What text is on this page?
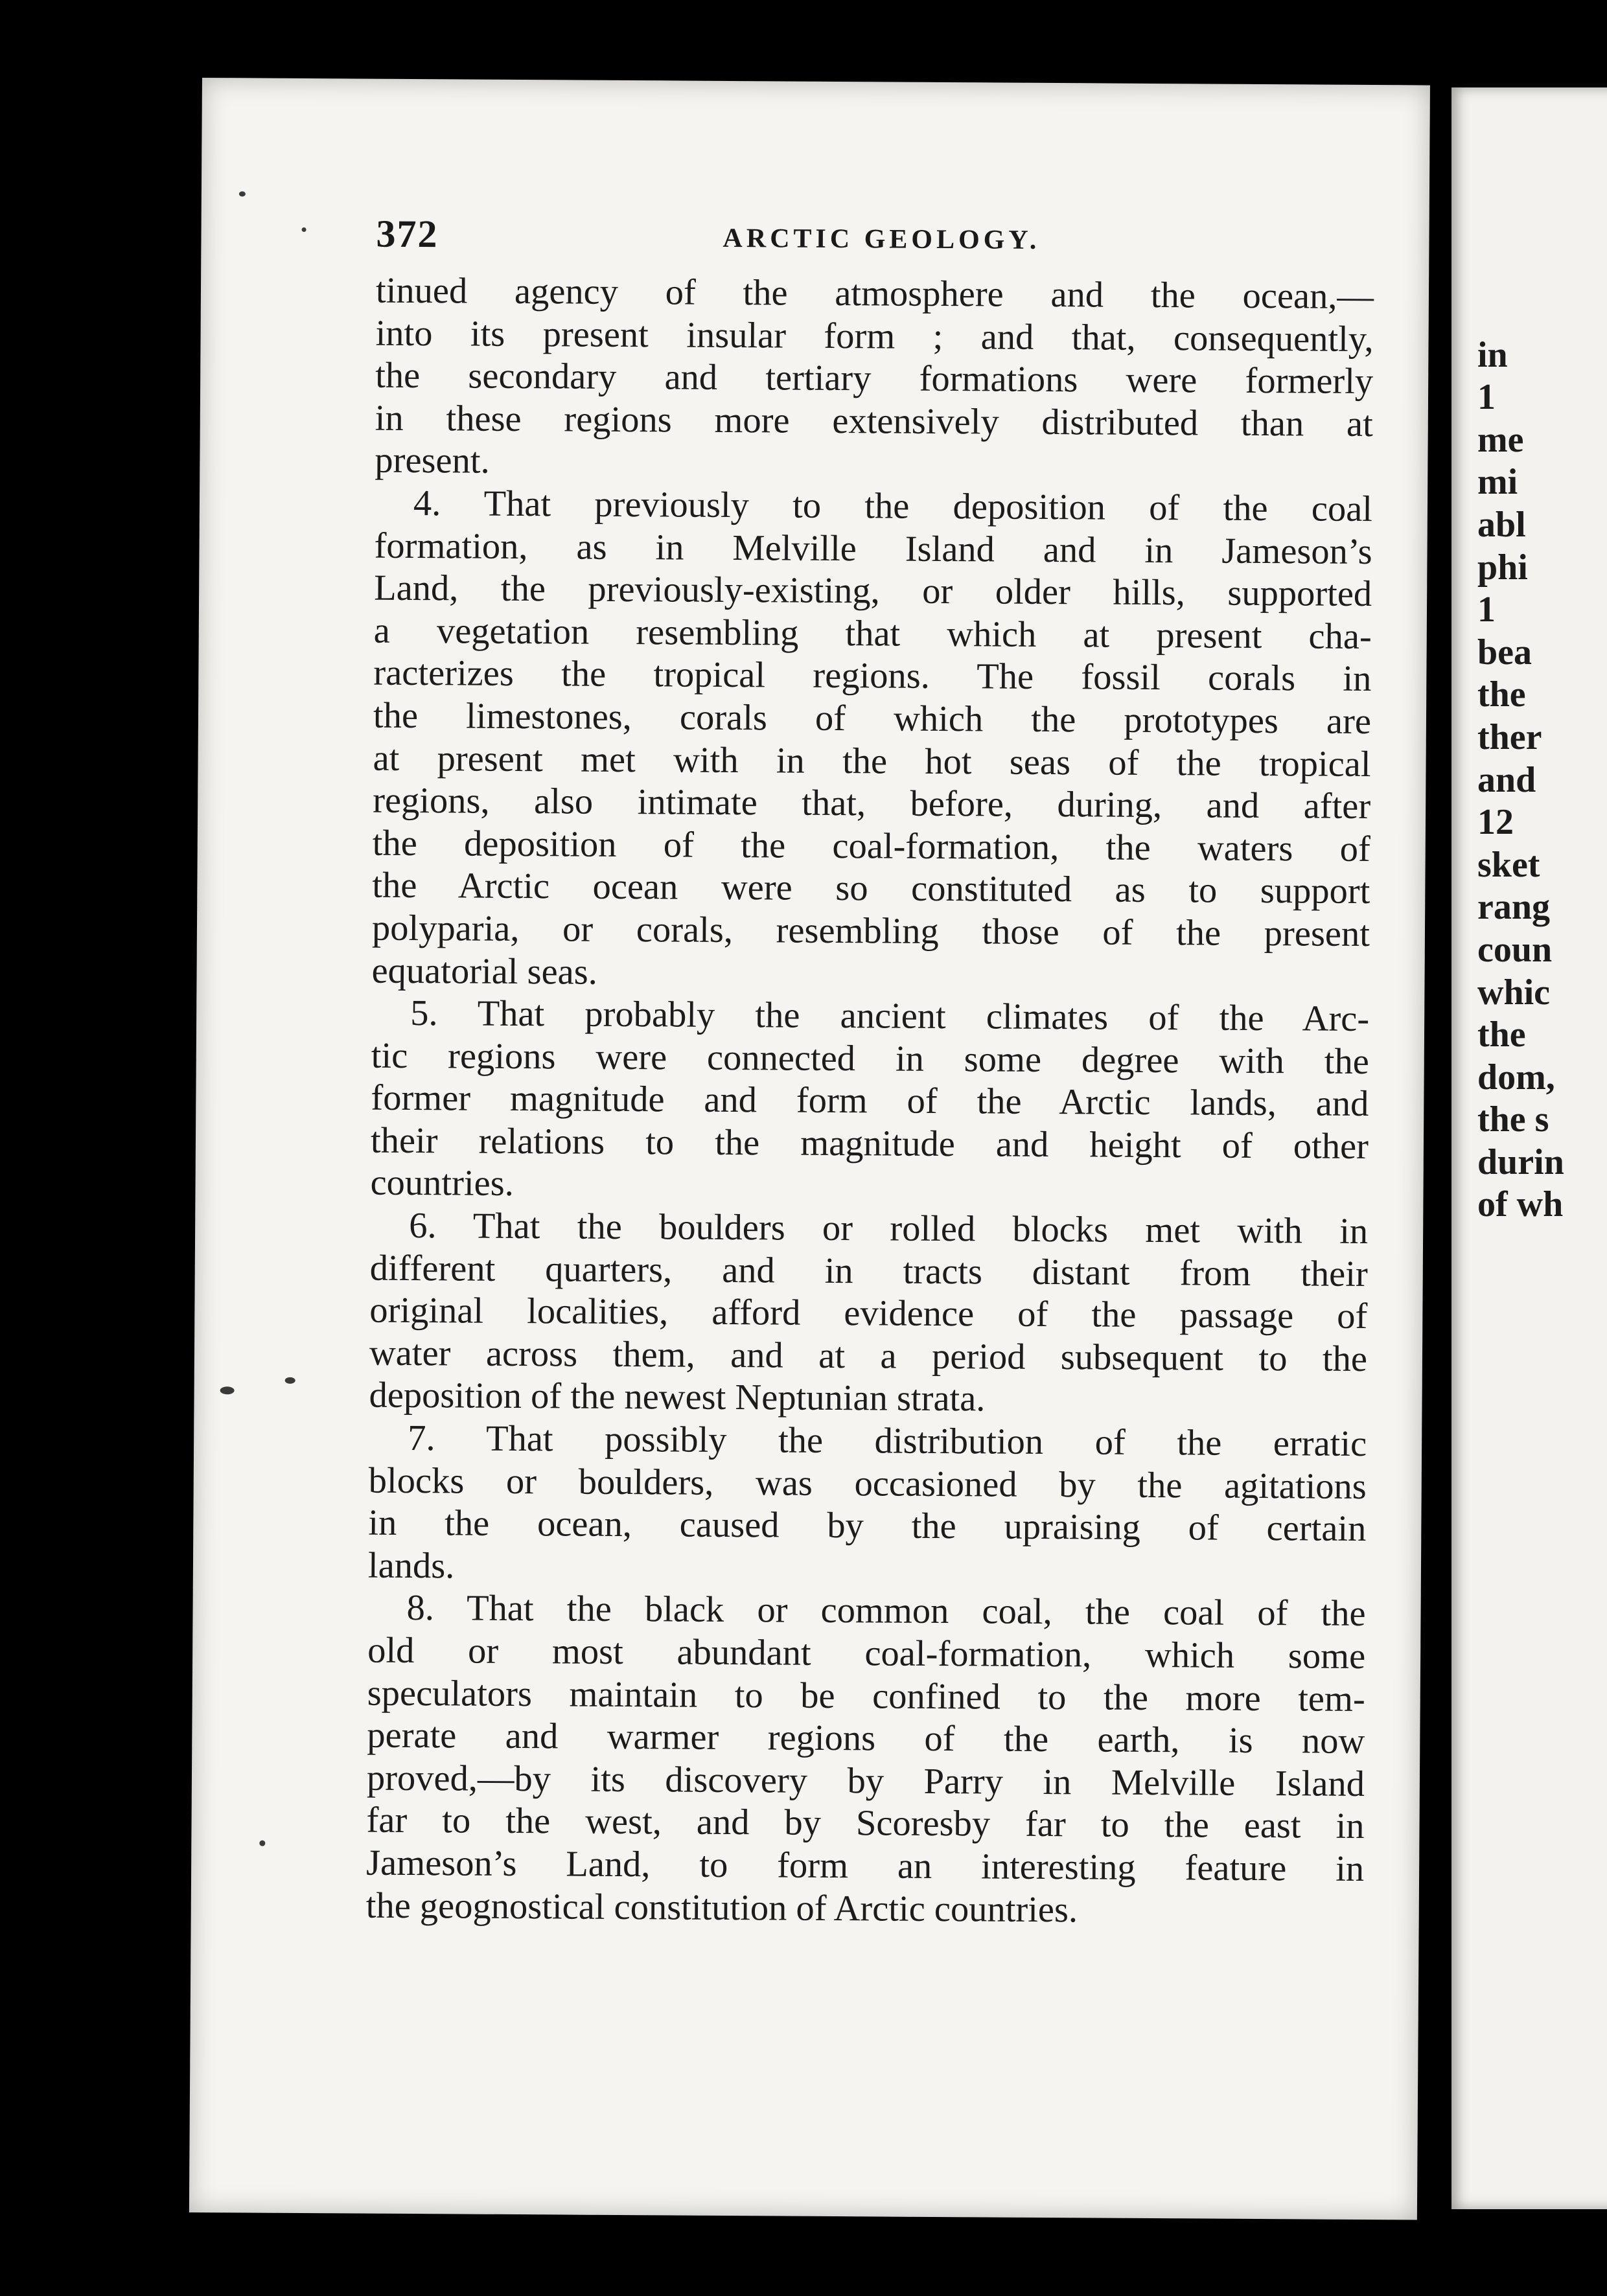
372	ARCTIC GEOLOGY.
tinued agency of the atmosphere and the ocean,—
into its present insular form ; and that, consequently,
the secondary and tertiary formations were formerly
in these regions more extensively distributed than at
present.
4. That previously to the deposition of the coal
formation, as in Melville Island and in Jameson’s
Land, the previously-existing, or older hills, supported
a vegetation resembling that which at present cha-
racterizes the tropical regions. The fossil corals in
the limestones, corals of which the prototypes are
at present met with in the hot seas of the tropical
regions, also intimate that, before, during, and after
the deposition of the coal-formation, the waters of
the Arctic ocean were so constituted as to support
polyparia, or corals, resembling those of the present
equatorial seas.
5. That probably the ancient climates of the Arc-
tic regions were connected in some degree with the
former magnitude and form of the Arctic lands, and
their relations to the magnitude and height of other
countries.
6. That the boulders or rolled blocks met with in
different quarters, and in tracts distant from their
original localities, afford evidence of the passage of
water across them, and at a period subsequent to the
deposition of the newest Neptunian strata.
7. That possibly the distribution of the erratic
blocks or boulders, was occasioned by the agitations
in the ocean, caused by the upraising of certain
lands.
8. That the black or common coal, the coal of the
old or most abundant coal-formation, which some
speculators maintain to be confined to the more tem-
perate and warmer regions of the earth, is now
proved,—by its discovery by Parry in Melville Island
far to the west, and by Scoresby far to the east in
Jameson’s Land, to form an interesting feature in
the geognostical constitution of Arctic countries.
in
1
me
mi
abl
phi
1
bea
the
ther
and
12
sket
rang
coun
whic
the
dom,
the s
durin
of wh
